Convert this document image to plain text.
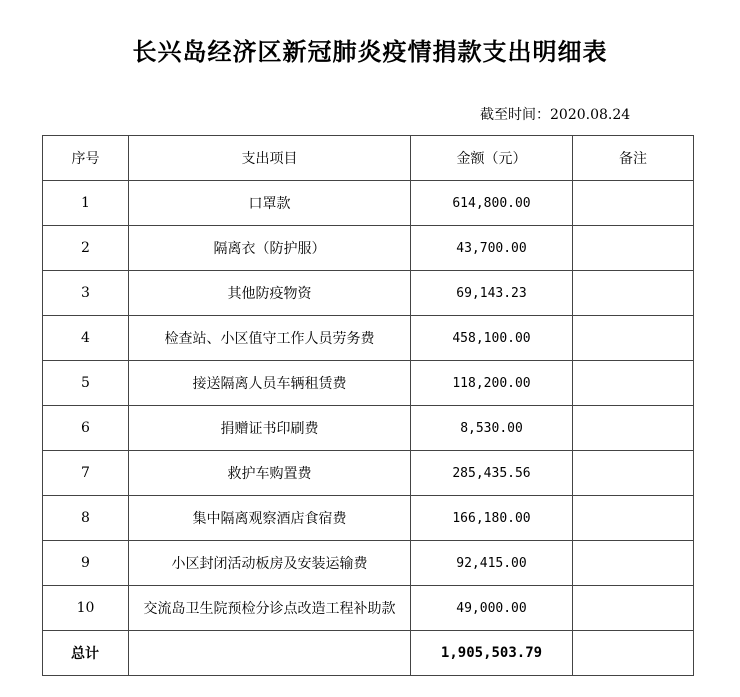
长兴岛经济区新冠肺炎疫情捐款支出明细表
截至时间：2020.08.24
序号	支出项目	金额（元）	备注
1	口罩款	614,800.00	
2	隔离衣（防护服）	43,700.00	
3	其他防疫物资	69,143.23	
4	检查站、小区值守工作人员劳务费	458,100.00	
5	接送隔离人员车辆租赁费	118,200.00	
6	捐赠证书印刷费	8,530.00	
7	救护车购置费	285,435.56	
8	集中隔离观察酒店食宿费	166,180.00	
9	小区封闭活动板房及安装运输费	92,415.00	
10	交流岛卫生院预检分诊点改造工程补助款	49,000.00	
总计		1,905,503.79	
